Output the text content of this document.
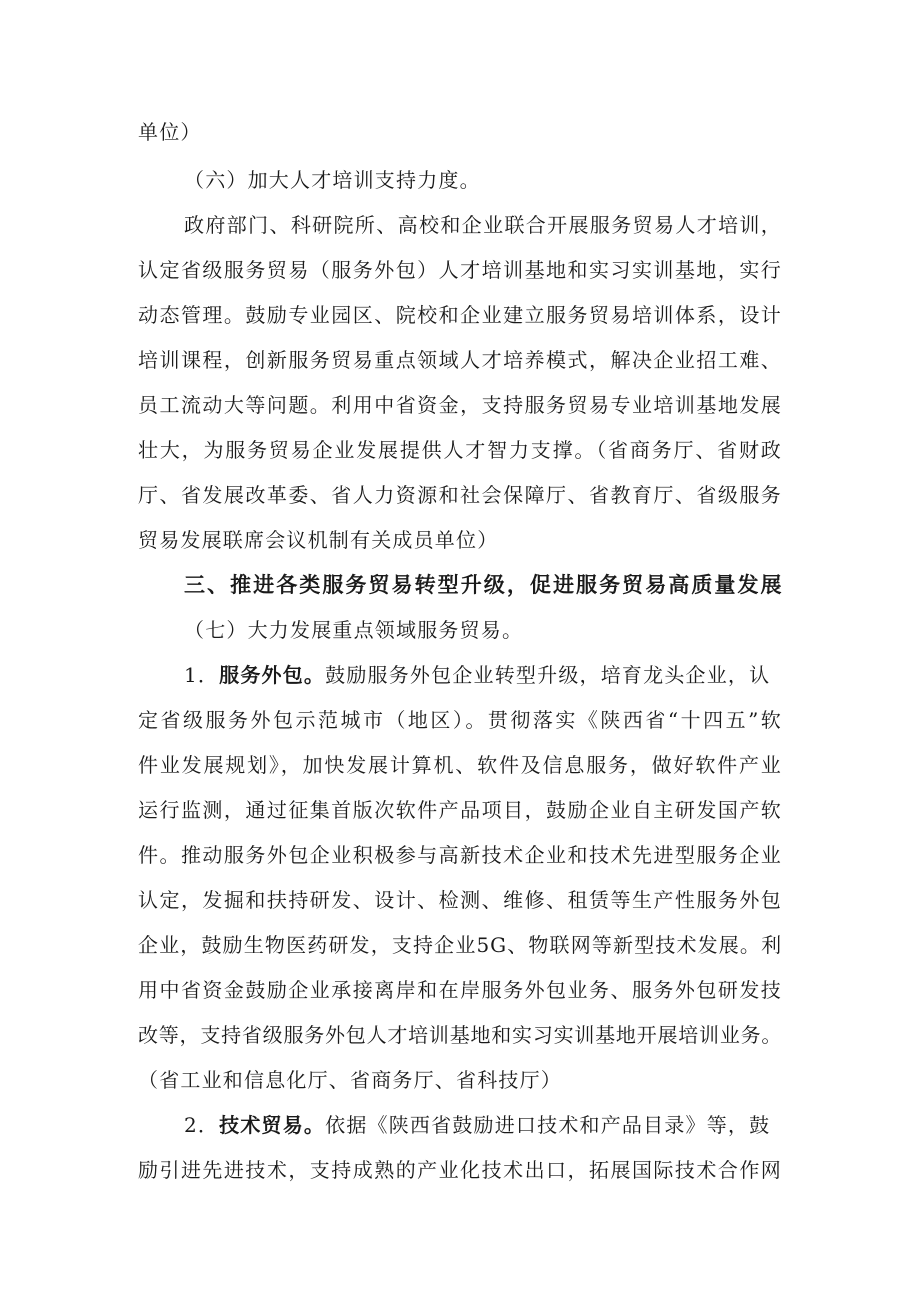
单位）
（六）加大人才培训支持力度。
政府部门、科研院所、高校和企业联合开展服务贸易人才培训，
认定省级服务贸易（服务外包）人才培训基地和实习实训基地，实行
动态管理。鼓励专业园区、院校和企业建立服务贸易培训体系，设计
培训课程，创新服务贸易重点领域人才培养模式，解决企业招工难、
员工流动大等问题。利用中省资金，支持服务贸易专业培训基地发展
壮大，为服务贸易企业发展提供人才智力支撑。（省商务厅、省财政
厅、省发展改革委、省人力资源和社会保障厅、省教育厅、省级服务
贸易发展联席会议机制有关成员单位）
三、推进各类服务贸易转型升级，促进服务贸易高质量发展
（七）大力发展重点领域服务贸易。
1．服务外包。鼓励服务外包企业转型升级，培育龙头企业，认
定省级服务外包示范城市（地区）。贯彻落实《陕西省“十四五”软
件业发展规划》，加快发展计算机、软件及信息服务，做好软件产业
运行监测，通过征集首版次软件产品项目，鼓励企业自主研发国产软
件。推动服务外包企业积极参与高新技术企业和技术先进型服务企业
认定，发掘和扶持研发、设计、检测、维修、租赁等生产性服务外包
企业，鼓励生物医药研发，支持企业5G、物联网等新型技术发展。利
用中省资金鼓励企业承接离岸和在岸服务外包业务、服务外包研发技
改等，支持省级服务外包人才培训基地和实习实训基地开展培训业务。
（省工业和信息化厅、省商务厅、省科技厅）
2．技术贸易。依据《陕西省鼓励进口技术和产品目录》等，鼓
励引进先进技术，支持成熟的产业化技术出口，拓展国际技术合作网
